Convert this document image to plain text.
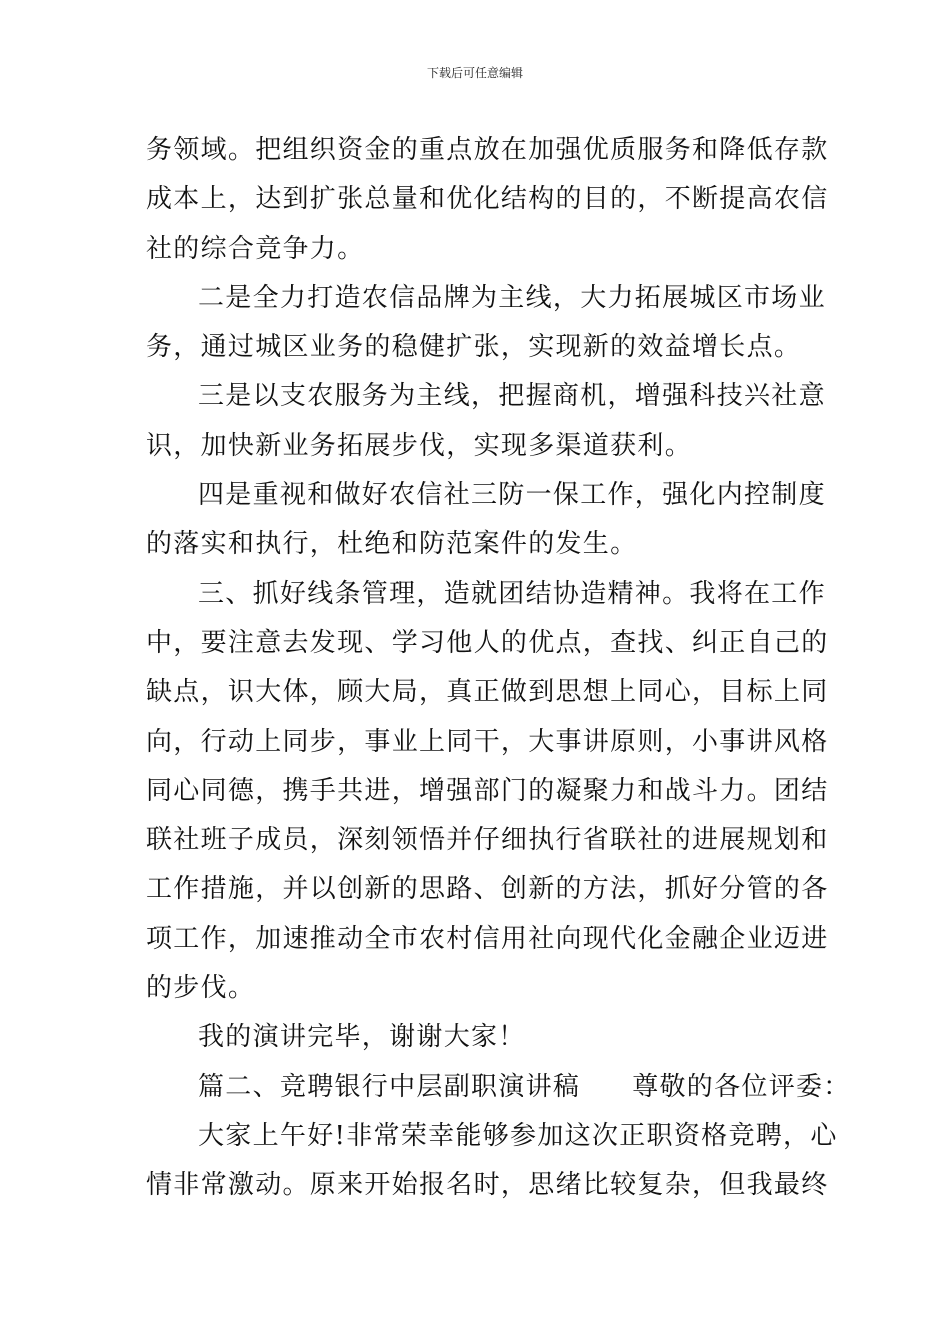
下载后可任意编辑
务领域。把组织资金的重点放在加强优质服务和降低存款
成本上，达到扩张总量和优化结构的目的，不断提高农信
社的综合竞争力。
二是全力打造农信品牌为主线，大力拓展城区市场业
务，通过城区业务的稳健扩张，实现新的效益增长点。
三是以支农服务为主线，把握商机，增强科技兴社意
识，加快新业务拓展步伐，实现多渠道获利。
四是重视和做好农信社三防一保工作，强化内控制度
的落实和执行，杜绝和防范案件的发生。
三、抓好线条管理，造就团结协造精神。我将在工作
中，要注意去发现、学习他人的优点，查找、纠正自己的
缺点，识大体，顾大局，真正做到思想上同心，目标上同
向，行动上同步，事业上同干，大事讲原则，小事讲风格
同心同德，携手共进，增强部门的凝聚力和战斗力。团结
联社班子成员，深刻领悟并仔细执行省联社的进展规划和
工作措施，并以创新的思路、创新的方法，抓好分管的各
项工作，加速推动全市农村信用社向现代化金融企业迈进
的步伐。
我的演讲完毕，谢谢大家！
篇二、竞聘银行中层副职演讲稿 尊敬的各位评委：
大家上午好!非常荣幸能够参加这次正职资格竞聘，心
情非常激动。原来开始报名时，思绪比较复杂，但我最终
